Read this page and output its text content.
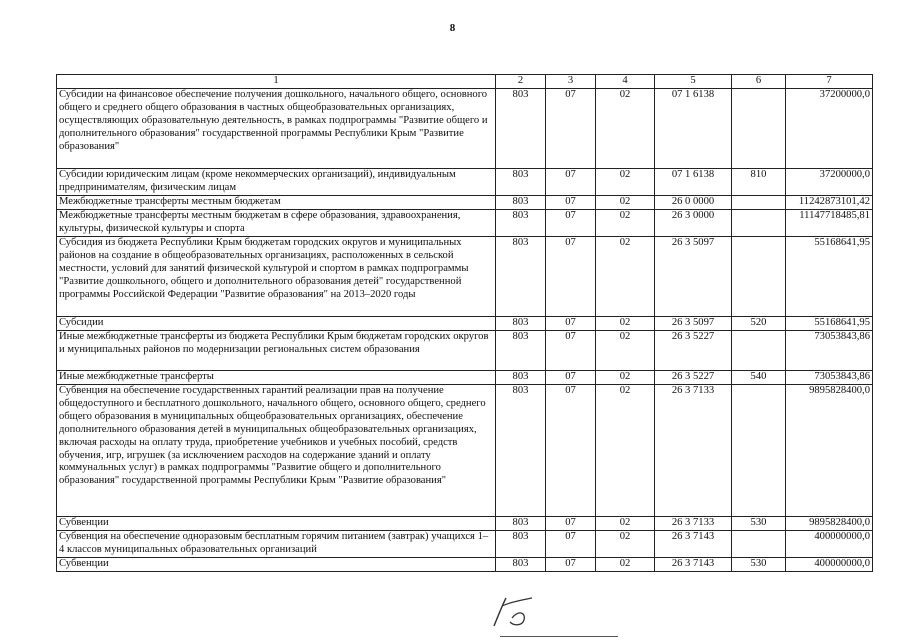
8
1	2	3	4	5	6	7
Субсидии на финансовое обеспечение получения дошкольного, начального общего, основного общего и среднего общего образования в частных общеобразовательных организациях, осуществляющих образовательную деятельность, в рамках подпрограммы "Развитие общего и дополнительного образования" государственной программы Республики Крым "Развитие образования"	803	07	02	07 1 6138		37200000,0
Субсидии юридическим лицам (кроме некоммерческих организаций), индивидуальным предпринимателям, физическим лицам	803	07	02	07 1 6138	810	37200000,0
Межбюджетные трансферты местным бюджетам	803	07	02	26 0 0000		11242873101,42
Межбюджетные трансферты местным бюджетам в сфере образования, здравоохранения, культуры, физической культуры и спорта	803	07	02	26 3 0000		11147718485,81
Субсидия из бюджета Республики Крым бюджетам городских округов и муниципальных районов на создание в общеобразовательных организациях, расположенных в сельской местности, условий для занятий физической культурой и спортом в рамках подпрограммы "Развитие дошкольного, общего и дополнительного образования детей" государственной программы Российской Федерации "Развитие образования" на 2013–2020 годы	803	07	02	26 3 5097		55168641,95
Субсидии	803	07	02	26 3 5097	520	55168641,95
Иные межбюджетные трансферты из бюджета Республики Крым бюджетам городских округов и муниципальных районов по модернизации региональных систем образования	803	07	02	26 3 5227		73053843,86
Иные межбюджетные трансферты	803	07	02	26 3 5227	540	73053843,86
Субвенция на обеспечение государственных гарантий реализации прав на получение общедоступного и бесплатного дошкольного, начального общего, основного общего, среднего общего образования в муниципальных общеобразовательных организациях, обеспечение дополнительного образования детей в муниципальных общеобразовательных организациях, включая расходы на оплату труда, приобретение учебников и учебных пособий, средств обучения, игр, игрушек (за исключением расходов на содержание зданий и оплату коммунальных услуг) в рамках подпрограммы "Развитие общего и дополнительного образования" государственной программы Республики Крым "Развитие образования"	803	07	02	26 3 7133		9895828400,0
Субвенции	803	07	02	26 3 7133	530	9895828400,0
Субвенция на обеспечение одноразовым бесплатным горячим питанием (завтрак) учащихся 1–4 классов муниципальных образовательных организаций	803	07	02	26 3 7143		400000000,0
Субвенции	803	07	02	26 3 7143	530	400000000,0
